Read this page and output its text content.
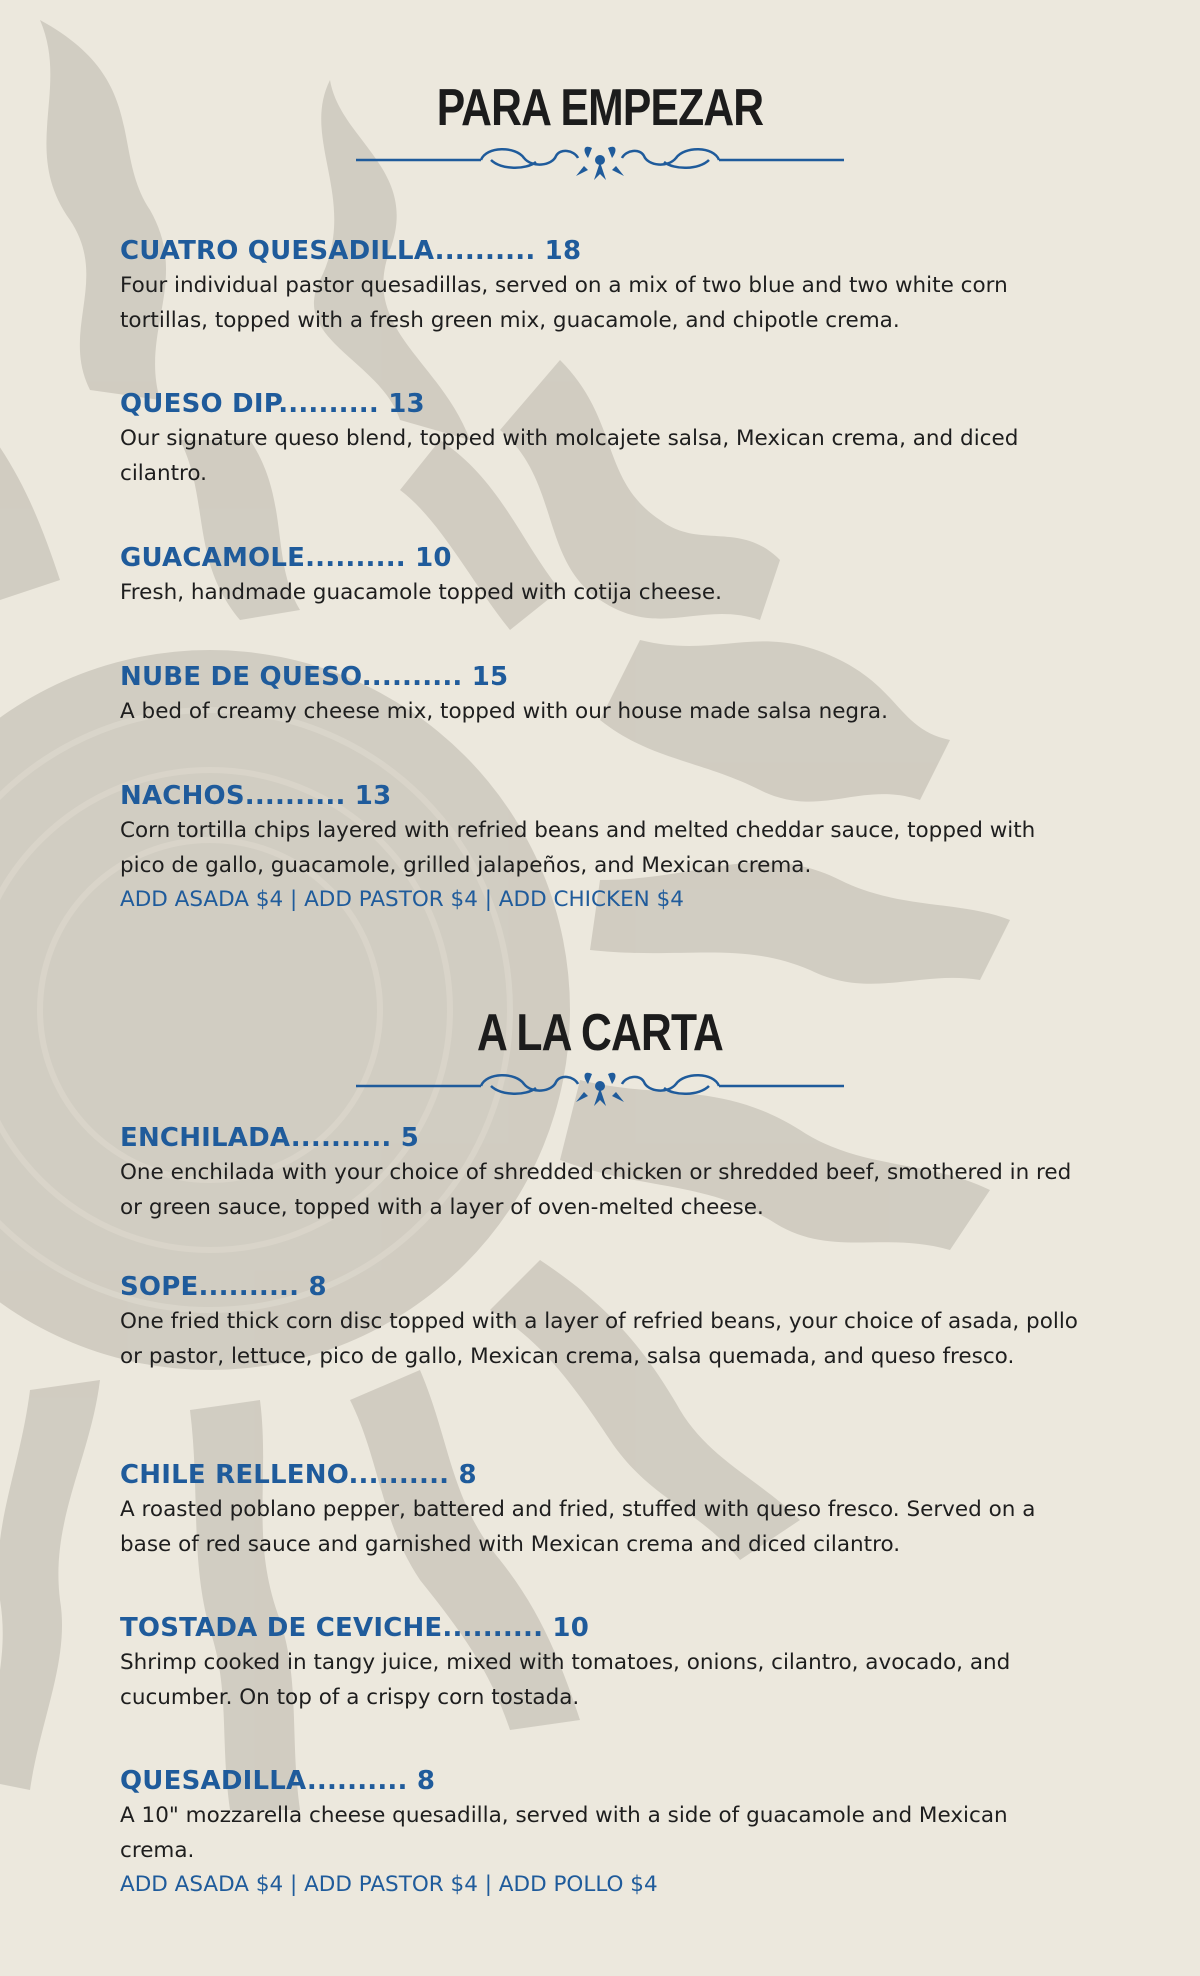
PARA EMPEZAR
CUATRO QUESADILLA.......... 18
Four individual pastor quesadillas, served on a mix of two blue and two white corn tortillas, topped with a fresh green mix, guacamole, and chipotle crema.
QUESO DIP.......... 13
Our signature queso blend, topped with molcajete salsa, Mexican crema, and diced cilantro.
GUACAMOLE.......... 10
Fresh, handmade guacamole topped with cotija cheese.
NUBE DE QUESO.......... 15
A bed of creamy cheese mix, topped with our house made salsa negra.
NACHOS.......... 13
Corn tortilla chips layered with refried beans and melted cheddar sauce, topped with pico de gallo, guacamole, grilled jalapeños, and Mexican crema.
ADD ASADA $4 | ADD PASTOR $4 | ADD CHICKEN $4
A LA CARTA
ENCHILADA.......... 5
One enchilada with your choice of shredded chicken or shredded beef, smothered in red or green sauce, topped with a layer of oven-melted cheese.
SOPE.......... 8
One fried thick corn disc topped with a layer of refried beans, your choice of asada, pollo or pastor, lettuce, pico de gallo, Mexican crema, salsa quemada, and queso fresco.
CHILE RELLENO.......... 8
A roasted poblano pepper, battered and fried, stuffed with queso fresco. Served on a base of red sauce and garnished with Mexican crema and diced cilantro.
TOSTADA DE CEVICHE.......... 10
Shrimp cooked in tangy juice, mixed with tomatoes, onions, cilantro, avocado, and cucumber. On top of a crispy corn tostada.
QUESADILLA.......... 8
A 10" mozzarella cheese quesadilla, served with a side of guacamole and Mexican crema.
ADD ASADA $4 | ADD PASTOR $4 | ADD POLLO $4
